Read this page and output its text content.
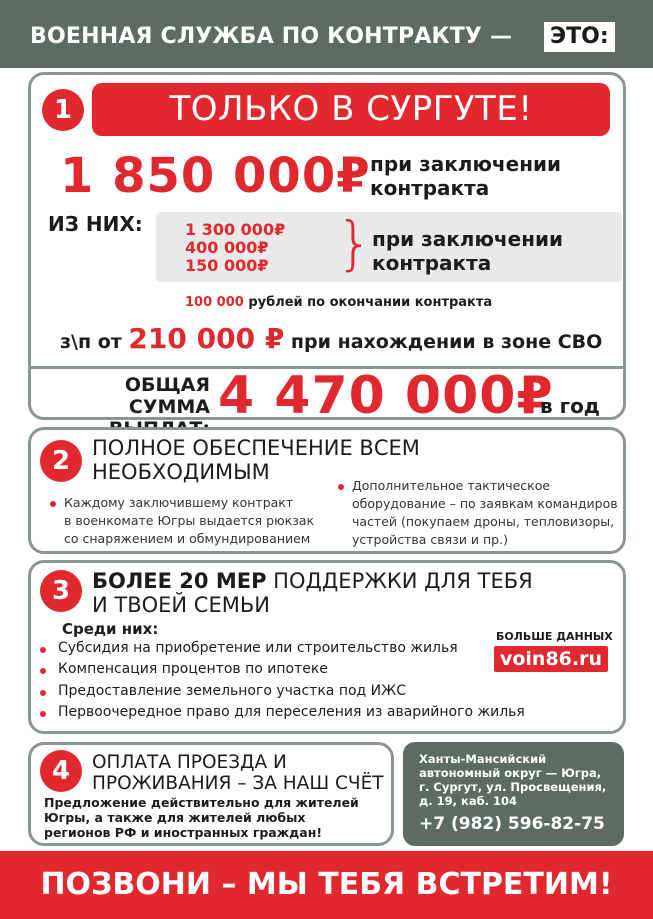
ВОЕННАЯ СЛУЖБА ПО КОНТРАКТУ — ЭТО:
1	ТОЛЬКО В СУРГУТЕ!
1 850 000₽ при заключении
контракта
ИЗ НИХ:	1 300 000₽
400 000₽
150 000₽ } при заключении
контракта
100 000 рублей по окончании контракта
з\п от 210 000 ₽ при нахождении в зоне СВО
ОБЩАЯ СУММА 4 470 000₽
в год
2	ПОЛНОЕ ОБЕСПЕЧЕНИЕ ВСЕМ
НЕОБХОДИМЫМ
Каждому заключившему контракт
в военкомате Югры выдается рюкзак
со снаряжением и обмундированием
Дополнительное тактическое
оборудование – по заявкам командиров
частей (покупаем дроны, тепловизоры,
устройства связи и пр.)
3	БОЛЕЕ 20 МЕР ПОДДЕРЖКИ ДЛЯ ТЕБЯ
И ТВОЕЙ СЕМЬИ
Среди них:
Субсидия на приобретение или строительство жилья
Компенсация процентов по ипотеке
Предоставление земельного участка под ИЖС
Первоочередное право для переселения из аварийного жилья
БОЛЬШЕ ДАННЫХ
voin86.ru
4	ОПЛАТА ПРОЕЗДА И
ПРОЖИВАНИЯ – ЗА НАШ СЧЁТ
Предложение действительно для жителей
Югры, а также для жителей любых
регионов РФ и иностранных граждан!
Ханты-Мансийский
автономный округ — Югра,
г. Сургут, ул. Просвещения,
д. 19, каб. 104
+7 (982) 596-82-75
ПОЗВОНИ – МЫ ТЕБЯ ВСТРЕТИМ!
